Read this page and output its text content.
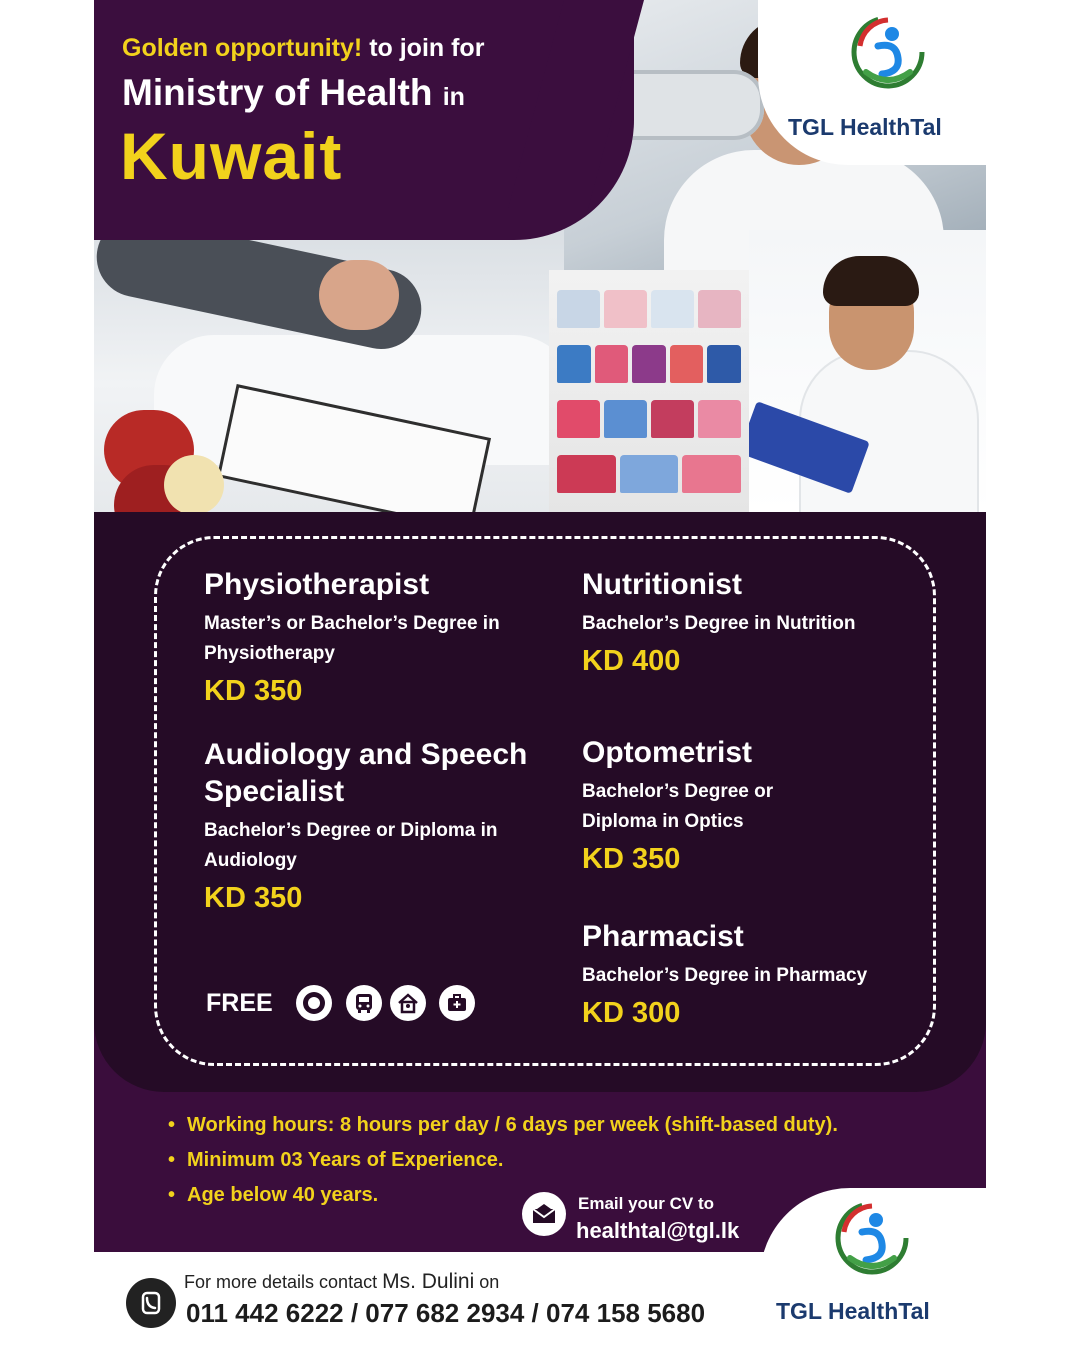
Golden opportunity! to join for
Ministry of Health in
Kuwait	TGL HealthTal
Physiotherapist
Master’s or Bachelor’s Degree in Physiotherapy
KD 350
Audiology and Speech Specialist
Bachelor’s Degree or Diploma in Audiology
KD 350
Nutritionist
Bachelor’s Degree in Nutrition
KD 400
Optometrist
Bachelor’s Degree or Diploma in Optics
KD 350
Pharmacist
Bachelor’s Degree in Pharmacy
KD 300
FREE
• Working hours: 8 hours per day / 6 days per week (shift-based duty).
• Minimum 03 Years of Experience.
• Age below 40 years.	Email your CV to
healthtal@tgl.lk
TGL HealthTal
For more details contact Ms. Dulini on
011 442 6222 / 077 682 2934 / 074 158 5680
